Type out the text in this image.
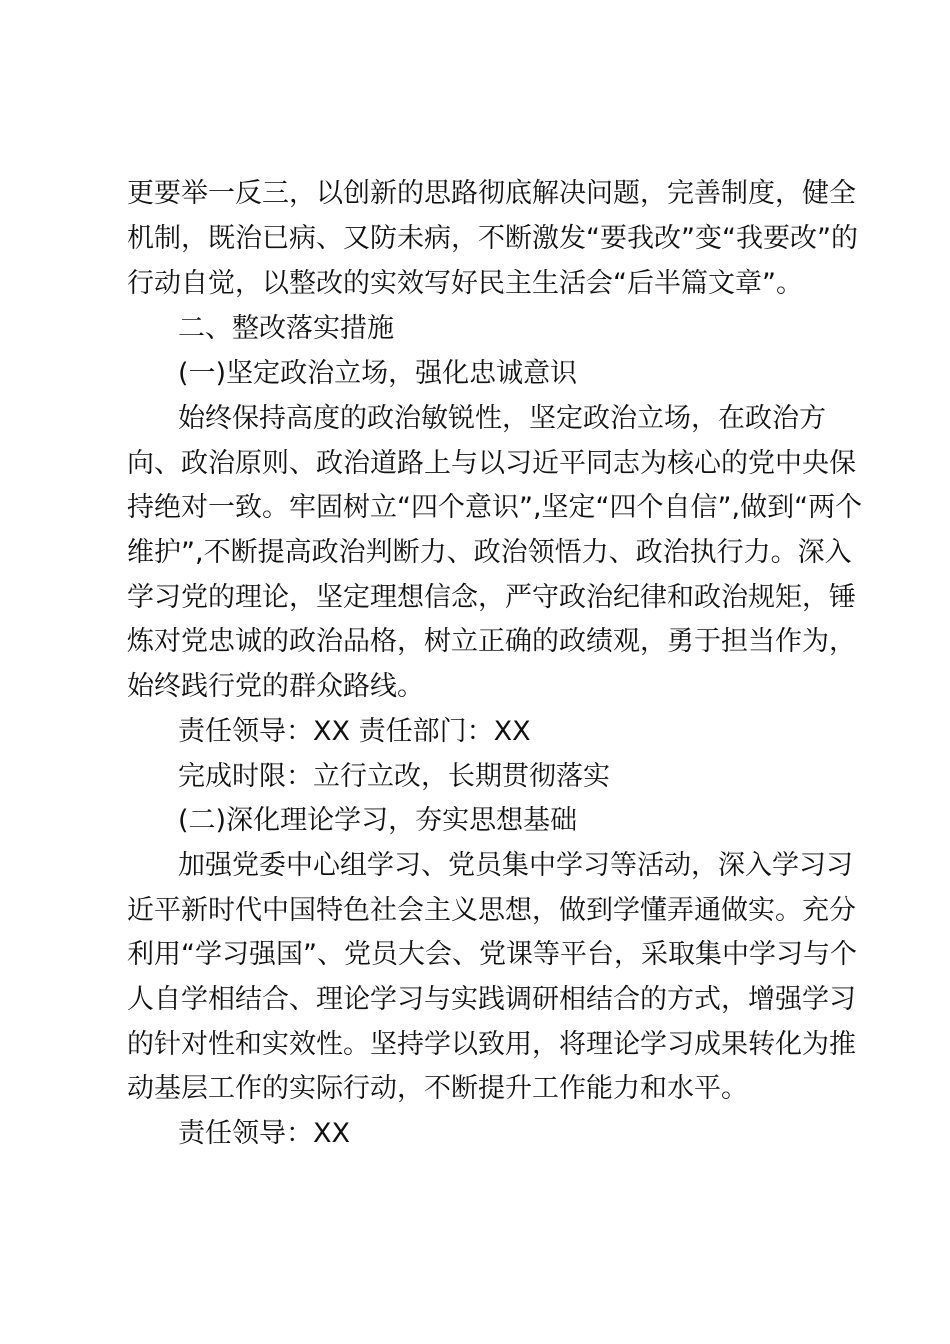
更要举一反三，以创新的思路彻底解决问题，完善制度，健全
机制，既治已病、又防未病，不断激发“要我改”变“我要改”的
行动自觉，以整改的实效写好民主生活会“后半篇文章”。
二、整改落实措施
(一)坚定政治立场，强化忠诚意识
始终保持高度的政治敏锐性，坚定政治立场，在政治方
向、政治原则、政治道路上与以习近平同志为核心的党中央保
持绝对一致。牢固树立“四个意识”,坚定“四个自信”,做到“两个
维护”,不断提高政治判断力、政治领悟力、政治执行力。深入
学习党的理论，坚定理想信念，严守政治纪律和政治规矩，锤
炼对党忠诚的政治品格，树立正确的政绩观，勇于担当作为，
始终践行党的群众路线。
责任领导：XX 责任部门：XX
完成时限：立行立改，长期贯彻落实
(二)深化理论学习，夯实思想基础
加强党委中心组学习、党员集中学习等活动，深入学习习
近平新时代中国特色社会主义思想，做到学懂弄通做实。充分
利用“学习强国”、党员大会、党课等平台，采取集中学习与个
人自学相结合、理论学习与实践调研相结合的方式，增强学习
的针对性和实效性。坚持学以致用，将理论学习成果转化为推
动基层工作的实际行动，不断提升工作能力和水平。
责任领导：XX
